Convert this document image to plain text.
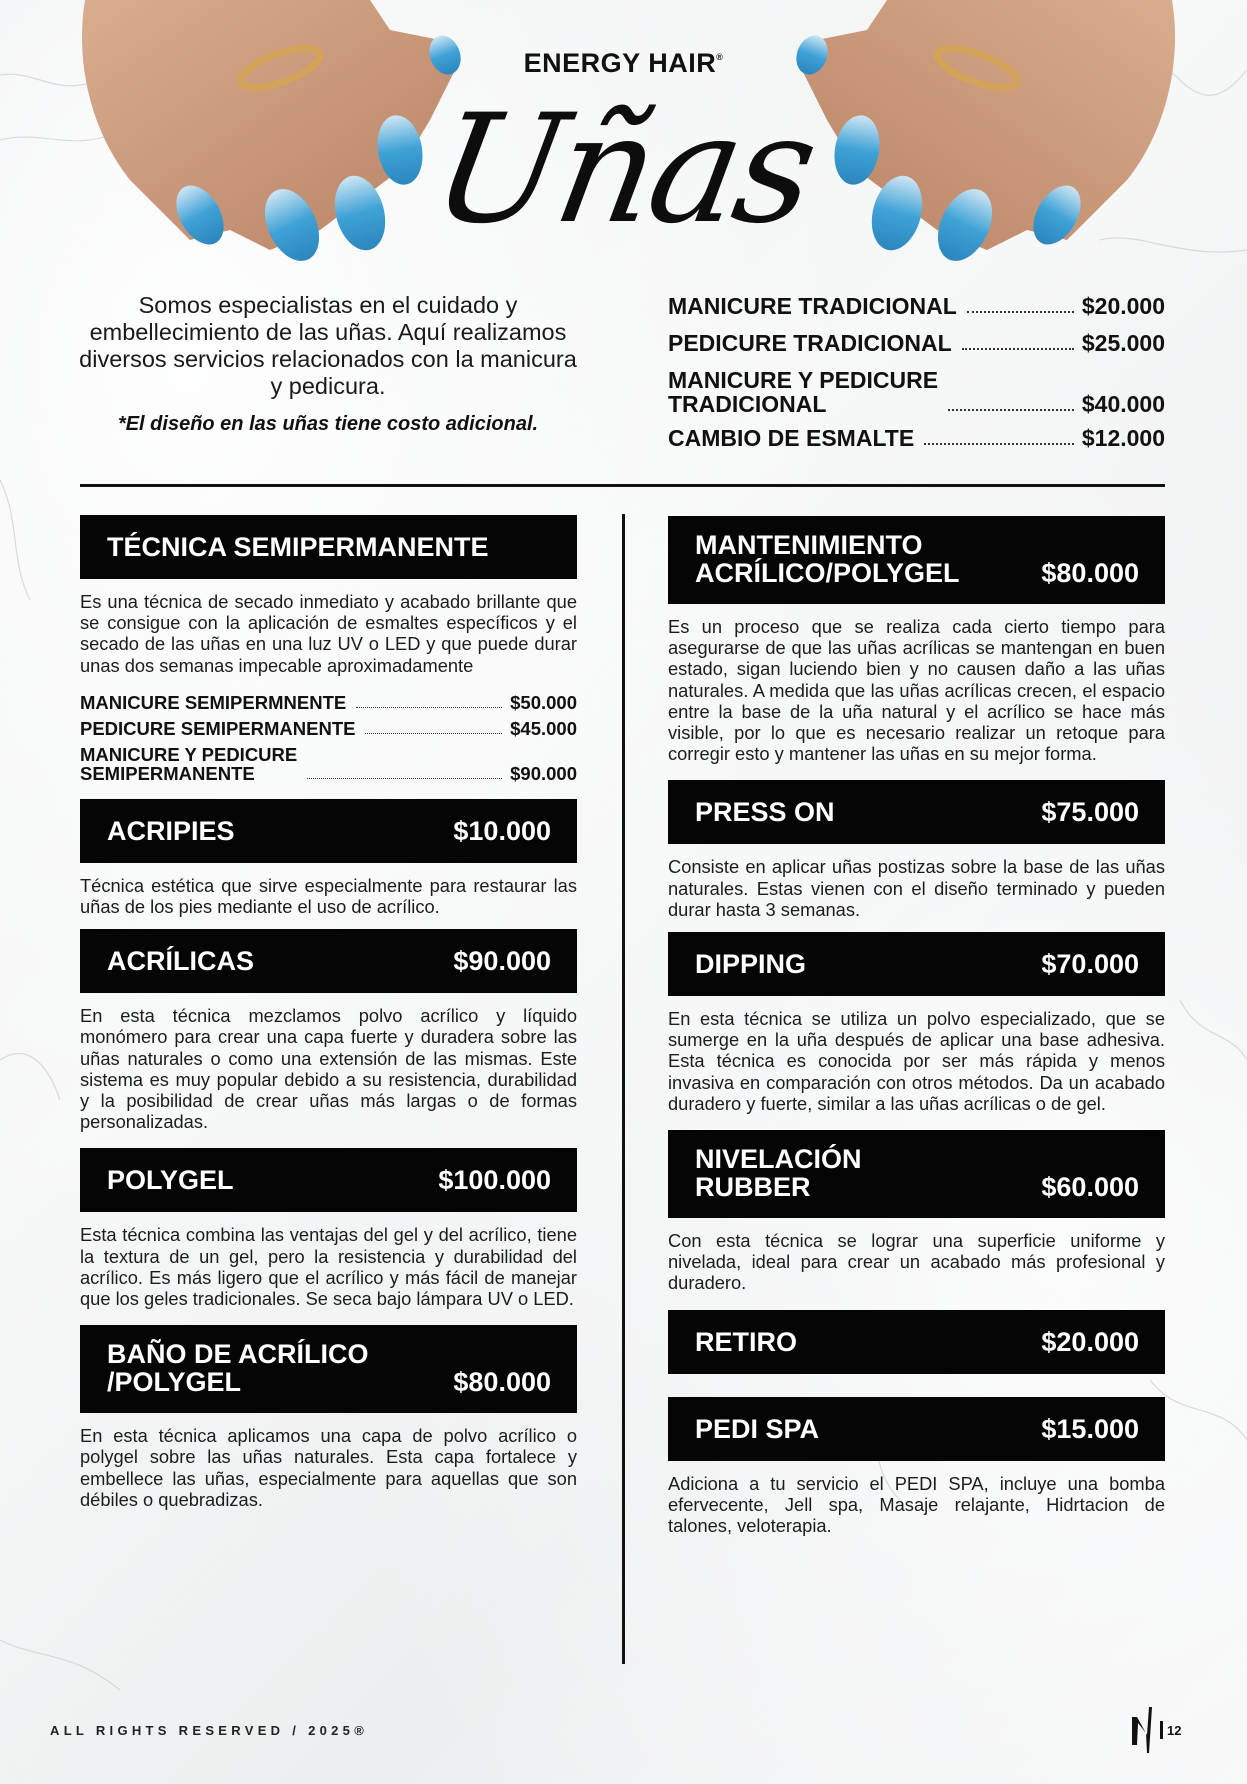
ENERGY HAIR®
Uñas

Somos especialistas en el cuidado y embellecimiento de las uñas. Aquí realizamos diversos servicios relacionados con la manicura y pedicura.

*El diseño en las uñas tiene costo adicional.

MANICURE TRADICIONAL	$20.000
PEDICURE TRADICIONAL	$25.000
MANICURE Y PEDICURE
TRADICIONAL	$40.000
CAMBIO DE ESMALTE	$12.000
TÉCNICA SEMIPERMANENTE

Es una técnica de secado inmediato y acabado brillante que se consigue con la aplicación de esmaltes específicos y el secado de las uñas en una luz UV o LED y que puede durar unas dos semanas impecable aproximadamente

MANICURE SEMIPERMNENTE	$50.000
PEDICURE SEMIPERMANENTE	$45.000
MANICURE Y PEDICURE
SEMIPERMANENTE	$90.000
ACRIPIES	$10.000

Técnica estética que sirve especialmente para restaurar las uñas de los pies mediante el uso de acrílico.

ACRÍLICAS	$90.000

En esta técnica mezclamos polvo acrílico y líquido monómero para crear una capa fuerte y duradera sobre las uñas naturales o como una extensión de las mismas. Este sistema es muy popular debido a su resistencia, durabilidad y la posibilidad de crear uñas más largas o de formas personalizadas.

POLYGEL	$100.000

Esta técnica combina las ventajas del gel y del acrílico, tiene la textura de un gel, pero la resistencia y durabilidad del acrílico. Es más ligero que el acrílico y más fácil de manejar que los geles tradicionales. Se seca bajo lámpara UV o LED.

BAÑO DE ACRÍLICO
/POLYGEL	$80.000

En esta técnica aplicamos una capa de polvo acrílico o polygel sobre las uñas naturales. Esta capa fortalece y embellece las uñas, especialmente para aquellas que son débiles o quebradizas.

MANTENIMIENTO
ACRÍLICO/POLYGEL	$80.000

Es un proceso que se realiza cada cierto tiempo para asegurarse de que las uñas acrílicas se mantengan en buen estado, sigan luciendo bien y no causen daño a las uñas naturales. A medida que las uñas acrílicas crecen, el espacio entre la base de la uña natural y el acrílico se hace más visible, por lo que es necesario realizar un retoque para corregir esto y mantener las uñas en su mejor forma.

PRESS ON	$75.000

Consiste en aplicar uñas postizas sobre la base de las uñas naturales. Estas vienen con el diseño terminado y pueden durar hasta 3 semanas.

DIPPING	$70.000

En esta técnica se utiliza un polvo especializado, que se sumerge en la uña después de aplicar una base adhesiva. Esta técnica es conocida por ser más rápida y menos invasiva en comparación con otros métodos. Da un acabado duradero y fuerte, similar a las uñas acrílicas o de gel.

NIVELACIÓN
RUBBER	$60.000

Con esta técnica se lograr una superficie uniforme y nivelada, ideal para crear un acabado más profesional y duradero.

RETIRO	$20.000
PEDI SPA	$15.000

Adiciona a tu servicio el PEDI SPA, incluye una bomba efervecente, Jell spa, Masaje relajante, Hidrtacion de talones, veloterapia.

ALL RIGHTS RESERVED / 2025®	12
